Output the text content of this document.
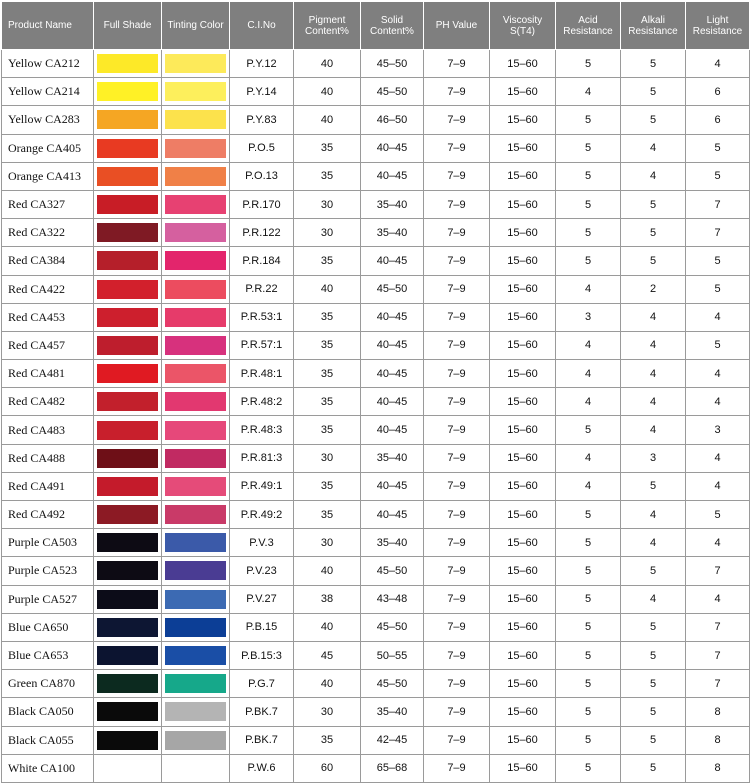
Product Name	Full Shade	Tinting Color	C.I.No	Pigment Content%	Solid Content%	PH Value	Viscosity S(T4)	Acid Resistance	Alkali Resistance	Light Resistance
Yellow CA212			P.Y.12	40	45–50	7–9	15–60	5	5	4
Yellow CA214			P.Y.14	40	45–50	7–9	15–60	4	5	6
Yellow CA283			P.Y.83	40	46–50	7–9	15–60	5	5	6
Orange CA405			P.O.5	35	40–45	7–9	15–60	5	4	5
Orange CA413			P.O.13	35	40–45	7–9	15–60	5	4	5
Red CA327			P.R.170	30	35–40	7–9	15–60	5	5	7
Red CA322			P.R.122	30	35–40	7–9	15–60	5	5	7
Red CA384			P.R.184	35	40–45	7–9	15–60	5	5	5
Red CA422			P.R.22	40	45–50	7–9	15–60	4	2	5
Red CA453			P.R.53:1	35	40–45	7–9	15–60	3	4	4
Red CA457			P.R.57:1	35	40–45	7–9	15–60	4	4	5
Red CA481			P.R.48:1	35	40–45	7–9	15–60	4	4	4
Red CA482			P.R.48:2	35	40–45	7–9	15–60	4	4	4
Red CA483			P.R.48:3	35	40–45	7–9	15–60	5	4	3
Red CA488			P.R.81:3	30	35–40	7–9	15–60	4	3	4
Red CA491			P.R.49:1	35	40–45	7–9	15–60	4	5	4
Red CA492			P.R.49:2	35	40–45	7–9	15–60	5	4	5
Purple CA503			P.V.3	30	35–40	7–9	15–60	5	4	4
Purple CA523			P.V.23	40	45–50	7–9	15–60	5	5	7
Purple CA527			P.V.27	38	43–48	7–9	15–60	5	4	4
Blue CA650			P.B.15	40	45–50	7–9	15–60	5	5	7
Blue CA653			P.B.15:3	45	50–55	7–9	15–60	5	5	7
Green CA870			P.G.7	40	45–50	7–9	15–60	5	5	7
Black CA050			P.BK.7	30	35–40	7–9	15–60	5	5	8
Black CA055			P.BK.7	35	42–45	7–9	15–60	5	5	8
White CA100			P.W.6	60	65–68	7–9	15–60	5	5	8
